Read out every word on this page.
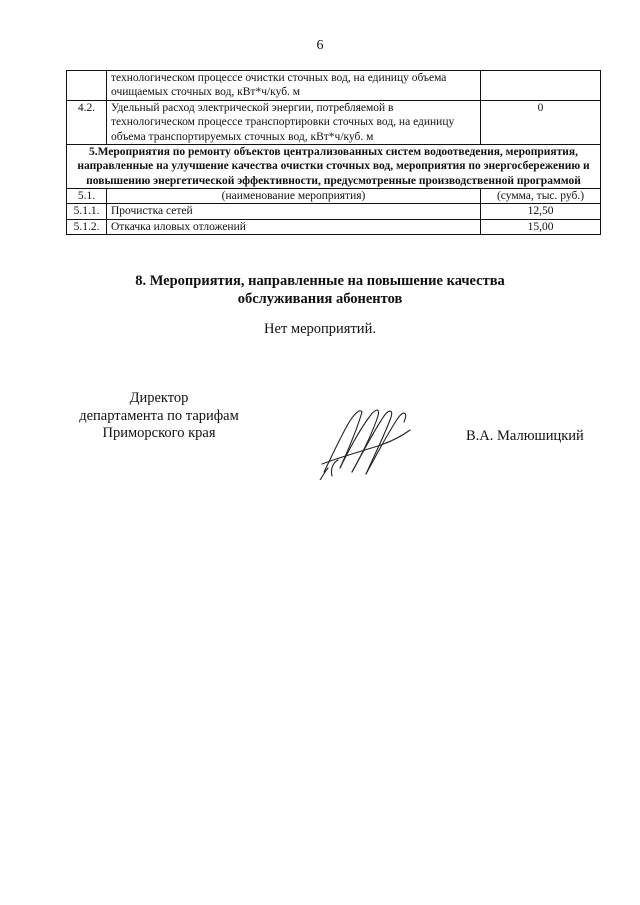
6
	технологическом процессе очистки сточных вод, на единицу объема очищаемых сточных вод, кВт*ч/куб. м	
4.2.	Удельный расход электрической энергии, потребляемой в технологическом процессе транспортировки сточных вод, на единицу объема транспортируемых сточных вод, кВт*ч/куб. м	0
5.Мероприятия по ремонту объектов централизованных систем водоотведения, мероприятия, направленные на улучшение качества очистки сточных вод, мероприятия по энергосбережению и повышению энергетической эффективности, предусмотренные производственной программой		
5.1.	(наименование мероприятия)	(сумма, тыс. руб.)
5.1.1.	Прочистка сетей	12,50
5.1.2.	Откачка иловых отложений	15,00
8. Мероприятия, направленные на повышение качества
обслуживания абонентов
Нет мероприятий.
Директор
департамента по тарифам
Приморского края	В.А. Малюшицкий
